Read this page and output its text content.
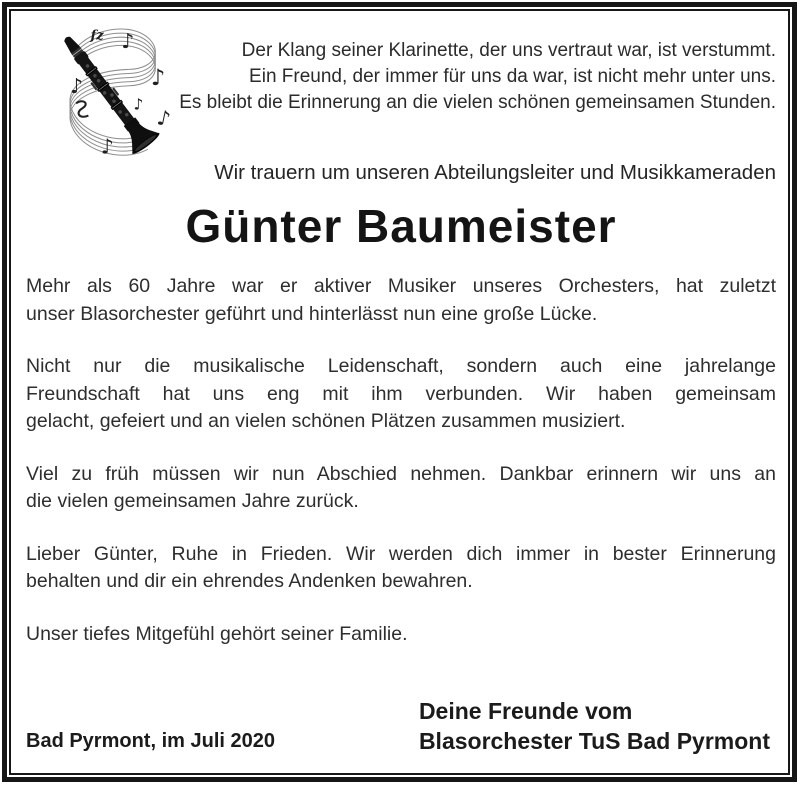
♪
♪
♪
♪
♪
♪
fz
Der Klang seiner Klarinette, der uns vertraut war, ist verstummt.
Ein Freund, der immer für uns da war, ist nicht mehr unter uns.
Es bleibt die Erinnerung an die vielen schönen gemeinsamen Stunden.
Wir trauern um unseren Abteilungsleiter und Musikkameraden
Günter Baumeister
Mehr als 60 Jahre war er aktiver Musiker unseres Orchesters, hat zuletzt
unser Blasorchester geführt und hinterlässt nun eine große Lücke.
Nicht nur die musikalische Leidenschaft, sondern auch eine jahrelange
Freundschaft hat uns eng mit ihm verbunden. Wir haben gemeinsam
gelacht, gefeiert und an vielen schönen Plätzen zusammen musiziert.
Viel zu früh müssen wir nun Abschied nehmen. Dankbar erinnern wir uns an
die vielen gemeinsamen Jahre zurück.
Lieber Günter, Ruhe in Frieden. Wir werden dich immer in bester Erinnerung
behalten und dir ein ehrendes Andenken bewahren.
Unser tiefes Mitgefühl gehört seiner Familie.
Bad Pyrmont, im Juli 2020
Deine Freunde vom
Blasorchester TuS Bad Pyrmont
